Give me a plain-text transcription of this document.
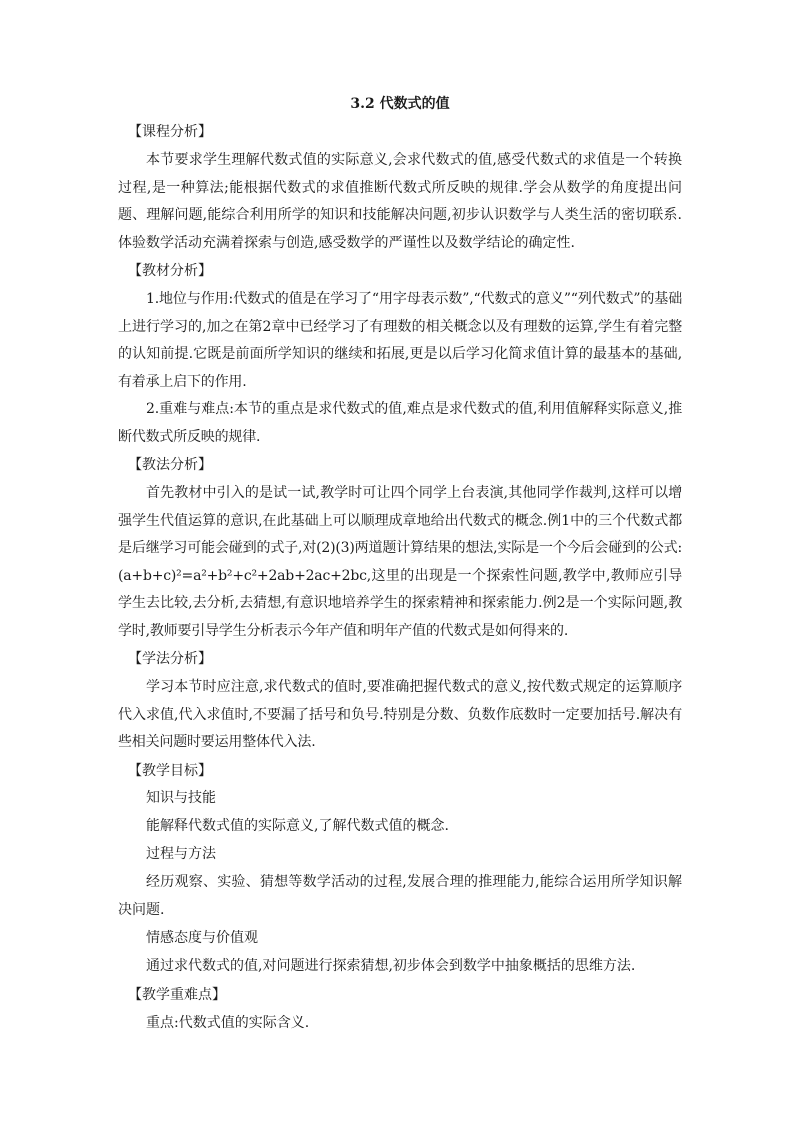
3.2 代数式的值
【课程分析】

本节要求学生理解代数式值的实际意义,会求代数式的值,感受代数式的求值是一个转换过程,是一种算法;能根据代数式的求值推断代数式所反映的规律.学会从数学的角度提出问题、理解问题,能综合利用所学的知识和技能解决问题,初步认识数学与人类生活的密切联系.体验数学活动充满着探索与创造,感受数学的严谨性以及数学结论的确定性.

【教材分析】

1.地位与作用:代数式的值是在学习了“用字母表示数”,“代数式的意义”“列代数式”的基础上进行学习的,加之在第2章中已经学习了有理数的相关概念以及有理数的运算,学生有着完整的认知前提.它既是前面所学知识的继续和拓展,更是以后学习化简求值计算的最基本的基础,有着承上启下的作用.

2.重难与难点:本节的重点是求代数式的值,难点是求代数式的值,利用值解释实际意义,推断代数式所反映的规律.

【教法分析】

首先教材中引入的是试一试,教学时可让四个同学上台表演,其他同学作裁判,这样可以增强学生代值运算的意识,在此基础上可以顺理成章地给出代数式的概念.例1中的三个代数式都是后继学习可能会碰到的式子,对(2)(3)两道题计算结果的想法,实际是一个今后会碰到的公式:(a+b+c)²=a²+b²+c²+2ab+2ac+2bc,这里的出现是一个探索性问题,教学中,教师应引导学生去比较,去分析,去猜想,有意识地培养学生的探索精神和探索能力.例2是一个实际问题,教学时,教师要引导学生分析表示今年产值和明年产值的代数式是如何得来的.

【学法分析】

学习本节时应注意,求代数式的值时,要准确把握代数式的意义,按代数式规定的运算顺序代入求值,代入求值时,不要漏了括号和负号.特别是分数、负数作底数时一定要加括号.解决有些相关问题时要运用整体代入法.

【教学目标】

知识与技能

能解释代数式值的实际意义,了解代数式值的概念.

过程与方法

经历观察、实验、猜想等数学活动的过程,发展合理的推理能力,能综合运用所学知识解决问题.

情感态度与价值观

通过求代数式的值,对问题进行探索猜想,初步体会到数学中抽象概括的思维方法.

【教学重难点】

重点:代数式值的实际含义.
